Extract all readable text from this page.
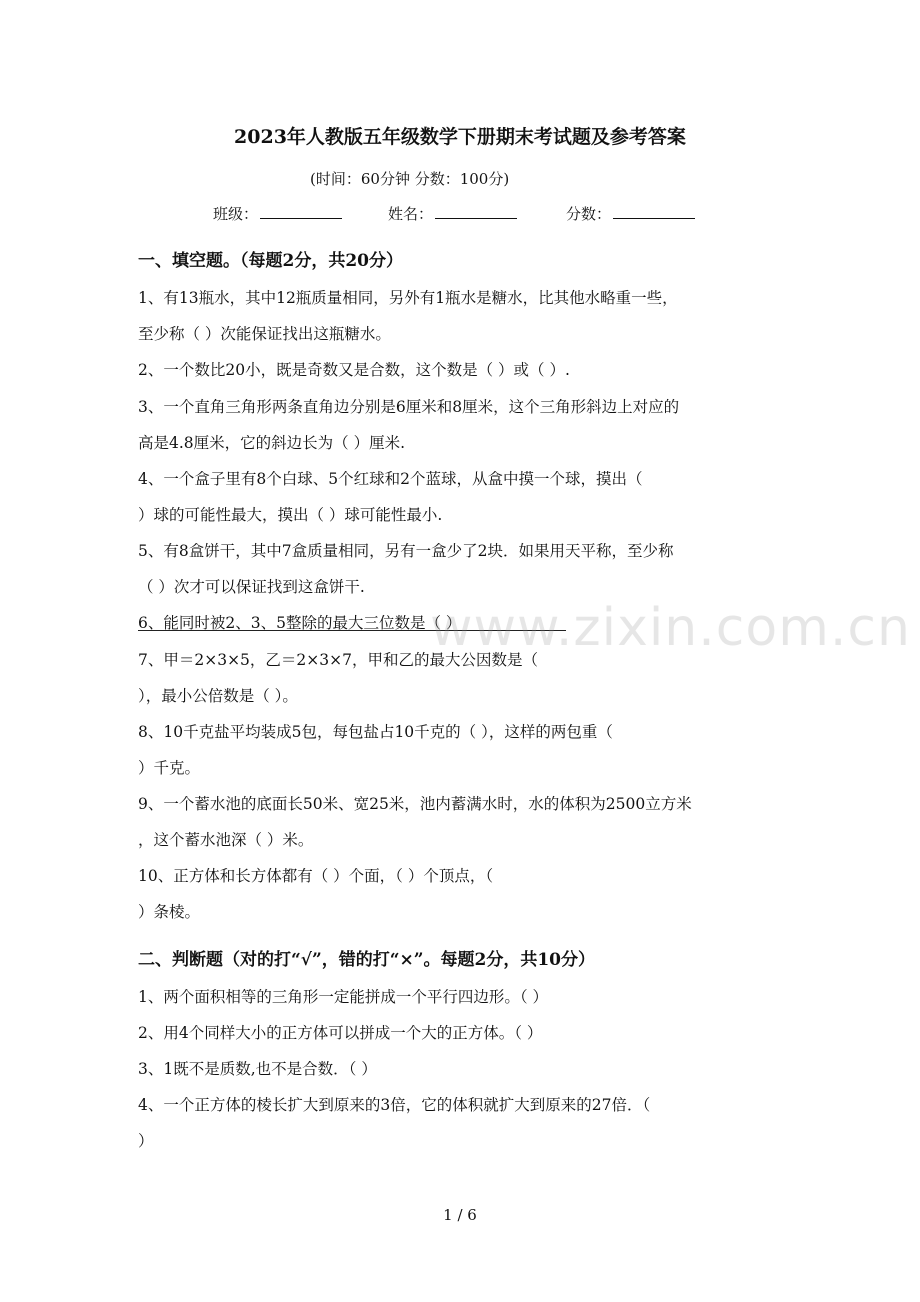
2023年人教版五年级数学下册期末考试题及参考答案
(时间：60分钟 分数：100分)
班级：	姓名：	分数：
一、填空题。（每题2分，共20分）
1、有13瓶水，其中12瓶质量相同，另外有1瓶水是糖水，比其他水略重一些，
至少称（ ）次能保证找出这瓶糖水。
2、一个数比20小，既是奇数又是合数，这个数是（ ）或（ ）.
3、一个直角三角形两条直角边分别是6厘米和8厘米，这个三角形斜边上对应的
高是4.8厘米，它的斜边长为（ ）厘米.
4、一个盒子里有8个白球、5个红球和2个蓝球，从盒中摸一个球，摸出（
）球的可能性最大，摸出（ ）球可能性最小.
5、有8盒饼干，其中7盒质量相同，另有一盒少了2块．如果用天平称，至少称
（ ）次才可以保证找到这盒饼干.
6、能同时被2、3、5整除的最大三位数是（ ）
7、甲＝2×3×5，乙＝2×3×7，甲和乙的最大公因数是（
），最小公倍数是（ ）。
8、10千克盐平均装成5包，每包盐占10千克的（ ），这样的两包重（
）千克。
9、一个蓄水池的底面长50米、宽25米，池内蓄满水时，水的体积为2500立方米
，这个蓄水池深（ ）米。
10、正方体和长方体都有（ ）个面，（ ）个顶点，（
）条棱。
二、判断题（对的打“√”，错的打“×”。每题2分，共10分）
1、两个面积相等的三角形一定能拼成一个平行四边形。（ ）
2、用4个同样大小的正方体可以拼成一个大的正方体。（ ）
3、1既不是质数,也不是合数．（ ）
4、一个正方体的棱长扩大到原来的3倍，它的体积就扩大到原来的27倍．（
）
www.zixin.com.cn
1 / 6
